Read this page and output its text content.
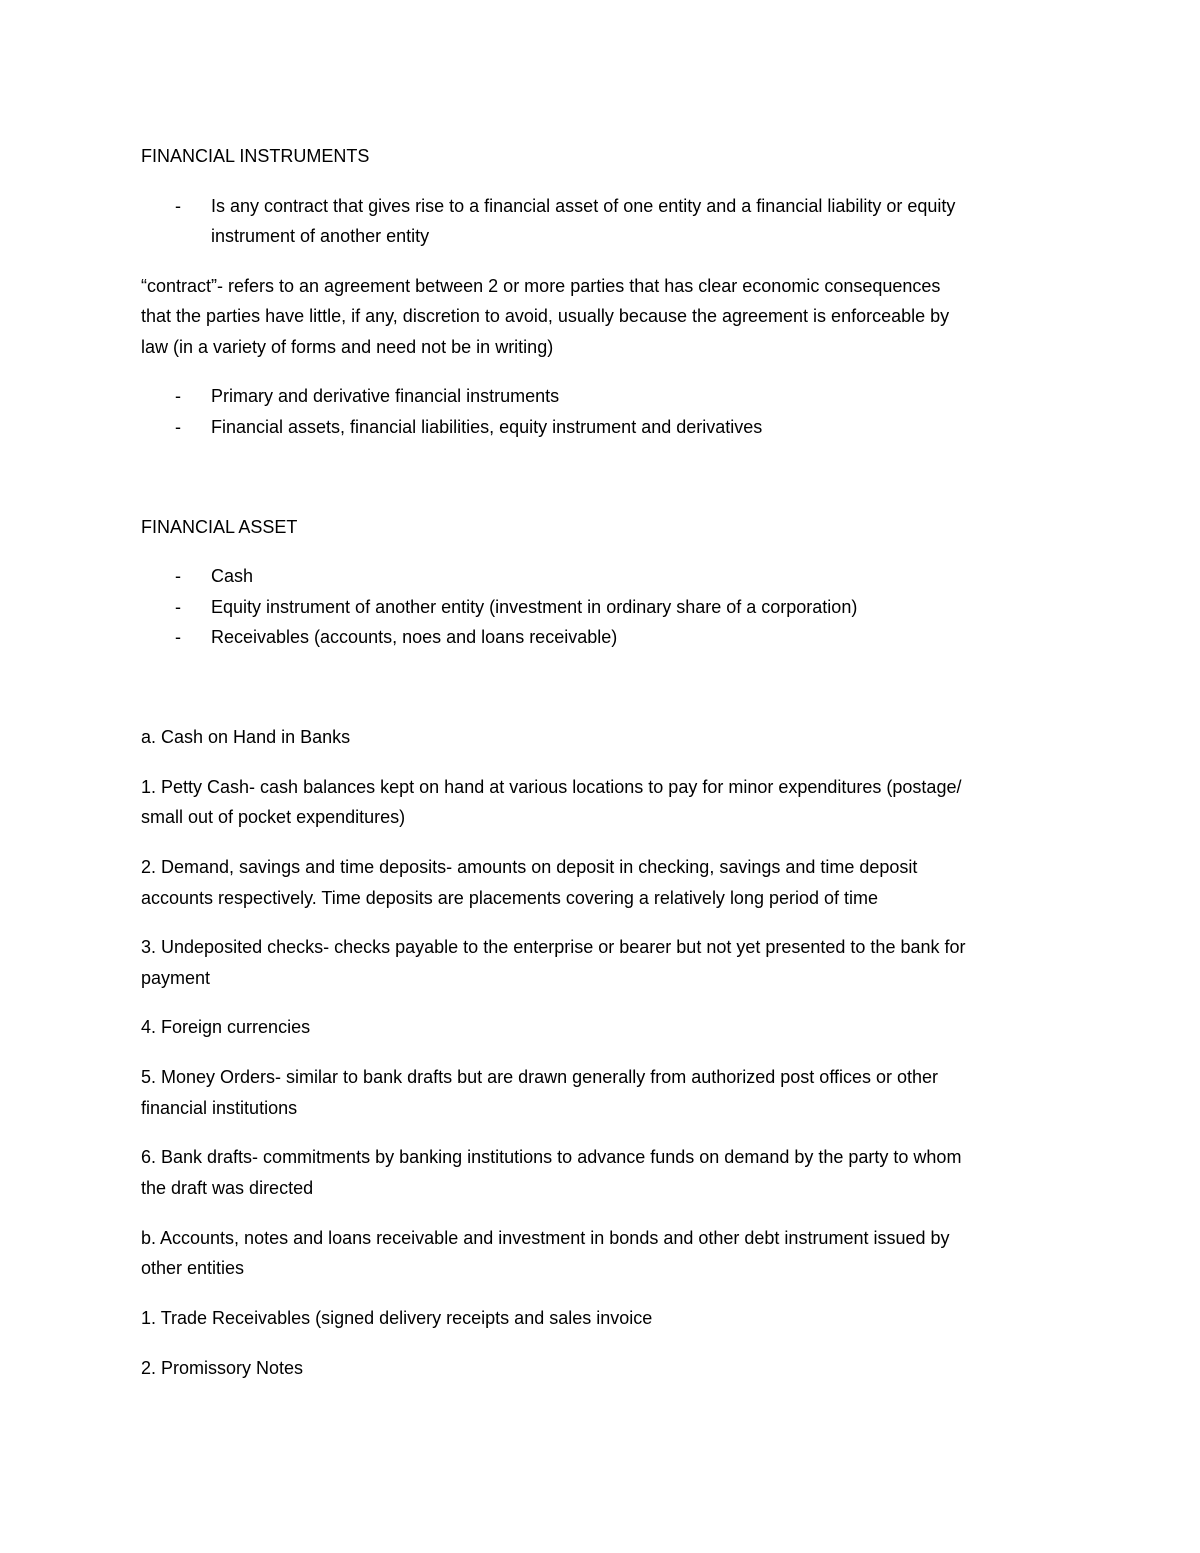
FINANCIAL INSTRUMENTS

- Is any contract that gives rise to a financial asset of one entity and a financial liability or equity

instrument of another entity

“contract”- refers to an agreement between 2 or more parties that has clear economic consequences

that the parties have little, if any, discretion to avoid, usually because the agreement is enforceable by

law (in a variety of forms and need not be in writing)

- Primary and derivative financial instruments
- Financial assets, financial liabilities, equity instrument and derivatives

FINANCIAL ASSET

- Cash
- Equity instrument of another entity (investment in ordinary share of a corporation)
- Receivables (accounts, noes and loans receivable)

a. Cash on Hand in Banks

1. Petty Cash- cash balances kept on hand at various locations to pay for minor expenditures (postage/

small out of pocket expenditures)

2. Demand, savings and time deposits- amounts on deposit in checking, savings and time deposit

accounts respectively. Time deposits are placements covering a relatively long period of time

3. Undeposited checks- checks payable to the enterprise or bearer but not yet presented to the bank for

payment

4. Foreign currencies

5. Money Orders- similar to bank drafts but are drawn generally from authorized post offices or other

financial institutions

6. Bank drafts- commitments by banking institutions to advance funds on demand by the party to whom

the draft was directed

b. Accounts, notes and loans receivable and investment in bonds and other debt instrument issued by

other entities

1. Trade Receivables (signed delivery receipts and sales invoice

2. Promissory Notes
